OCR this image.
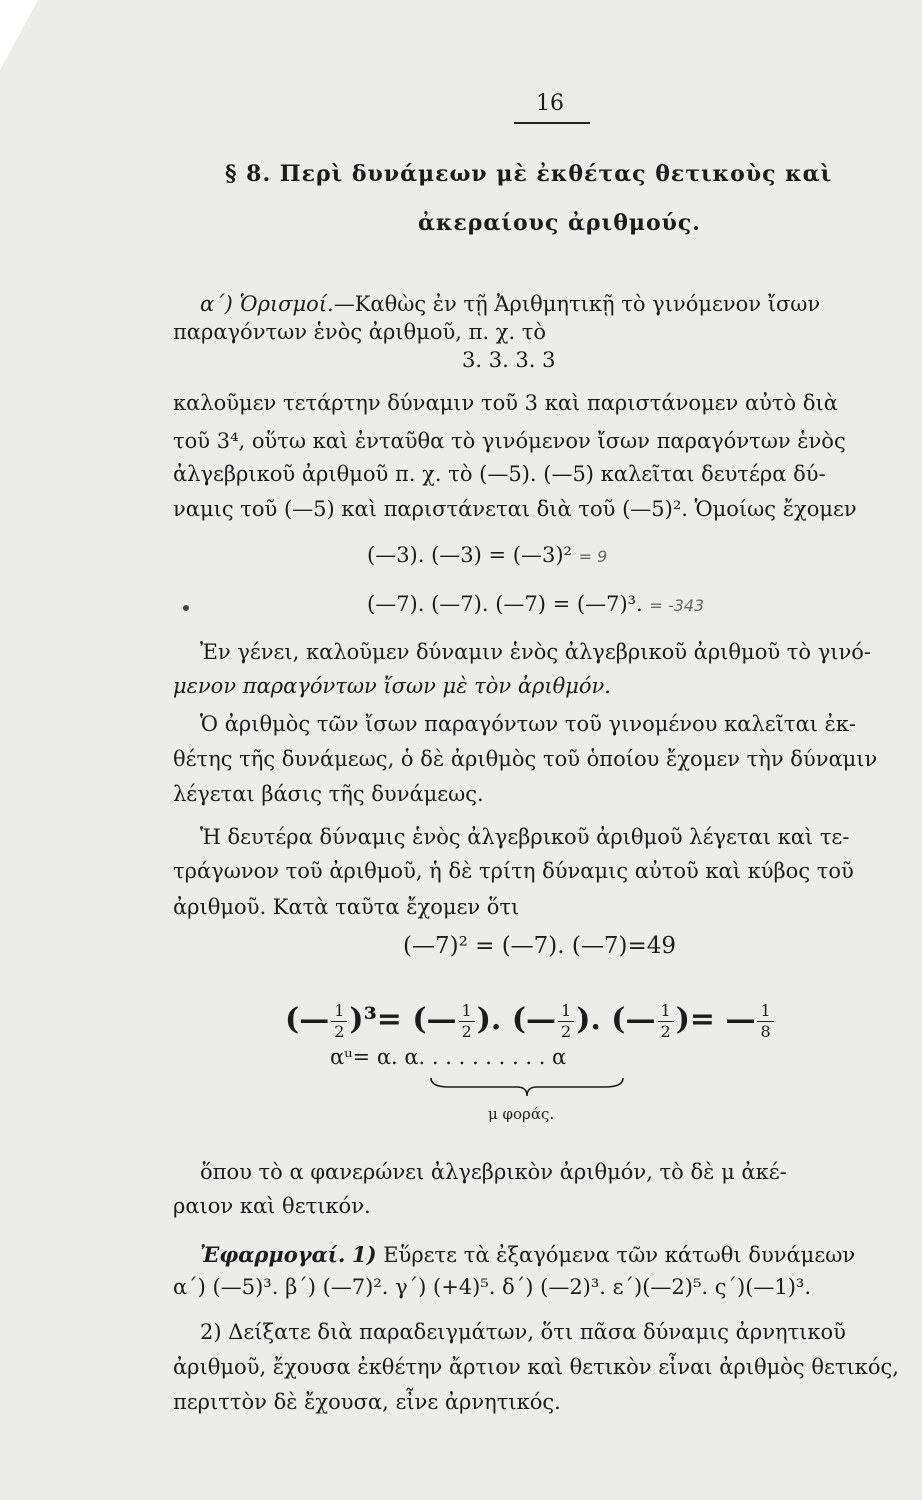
16
§ 8. Περὶ δυνάμεων μὲ ἐκθέτας θετικοὺς καὶ
ἀκεραίους ἀριθμούς.
α΄) Ὁρισμοί.—Καθὼς ἐν τῇ Ἀριθμητικῇ τὸ γινόμενον ἴσων
παραγόντων ἑνὸς ἀριθμοῦ, π. χ. τὸ
3. 3. 3. 3
καλοῦμεν τετάρτην δύναμιν τοῦ 3 καὶ παριστάνομεν αὐτὸ διὰ
τοῦ 3⁴, οὕτω καὶ ἐνταῦθα τὸ γινόμενον ἴσων παραγόντων ἑνὸς
ἀλγεβρικοῦ ἀριθμοῦ π. χ. τὸ (—5). (—5) καλεῖται δευτέρα δύ-
ναμις τοῦ (—5) καὶ παριστάνεται διὰ τοῦ (—5)². Ὁμοίως ἔχομεν
(—3). (—3) = (—3)² = 9
(—7). (—7). (—7) = (—7)³. = -343
Ἐν γένει, καλοῦμεν δύναμιν ἑνὸς ἀλγεβρικοῦ ἀριθμοῦ τὸ γινό-
μενον παραγόντων ἴσων μὲ τὸν ἀριθμόν.
Ὁ ἀριθμὸς τῶν ἴσων παραγόντων τοῦ γινομένου καλεῖται ἐκ-
θέτης τῆς δυνάμεως, ὁ δὲ ἀριθμὸς τοῦ ὁποίου ἔχομεν τὴν δύναμιν
λέγεται βάσις τῆς δυνάμεως.
Ἡ δευτέρα δύναμις ἑνὸς ἀλγεβρικοῦ ἀριθμοῦ λέγεται καὶ τε-
τράγωνον τοῦ ἀριθμοῦ, ἡ δὲ τρίτη δύναμις αὐτοῦ καὶ κύβος τοῦ
ἀριθμοῦ. Κατὰ ταῦτα ἔχομεν ὅτι
(—7)² = (—7). (—7)=49
(— $\frac{1}{2} )^3=$ (— $\frac{1}{2}$ ). (— $\frac{1}{2}$ ). (— $\frac{1}{2}$ )= — $\frac{1}{8}$
αᵘ= α. α. . . . . . . . . . α
μ φοράς.
ὅπου τὸ α φανερώνει ἀλγεβρικὸν ἀριθμόν, τὸ δὲ μ ἀκέ-
ραιον καὶ θετικόν.
Ἐφαρμογαί. 1) Εὕρετε τὰ ἐξαγόμενα τῶν κάτωθι δυνάμεων
α΄) (—5)³. β΄) (—7)². γ΄) (+4)⁵. δ΄) (—2)³. ε΄)(—2)⁵. ς΄)(—1)³.
2) Δείξατε διὰ παραδειγμάτων, ὅτι πᾶσα δύναμις ἀρνητικοῦ
ἀριθμοῦ, ἔχουσα ἐκθέτην ἄρτιον καὶ θετικὸν εἶναι ἀριθμὸς θετικός,
περιττὸν δὲ ἔχουσα, εἶνε ἀρνητικός.
